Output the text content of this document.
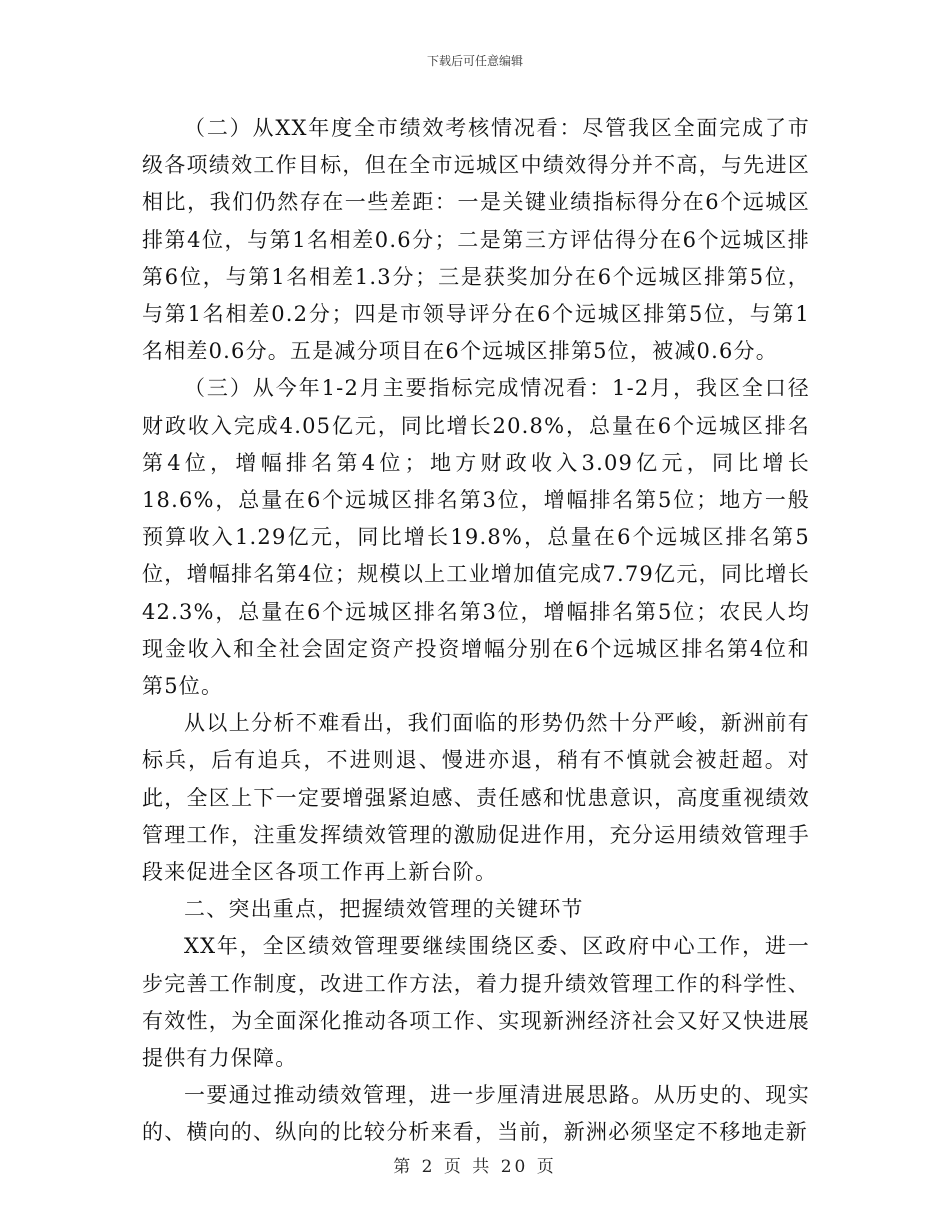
下载后可任意编辑

（二）从XX年度全市绩效考核情况看：尽管我区全面完成了市级各项绩效工作目标，但在全市远城区中绩效得分并不高，与先进区相比，我们仍然存在一些差距：一是关键业绩指标得分在6个远城区排第4位，与第1名相差0.6分；二是第三方评估得分在6个远城区排第6位，与第1名相差1.3分；三是获奖加分在6个远城区排第5位，与第1名相差0.2分；四是市领导评分在6个远城区排第5位，与第1名相差0.6分。五是减分项目在6个远城区排第5位，被减0.6分。

（三）从今年1-2月主要指标完成情况看：1-2月，我区全口径财政收入完成4.05亿元，同比增长20.8%，总量在6个远城区排名第4位，增幅排名第4位；地方财政收入3.09亿元，同比增长18.6%，总量在6个远城区排名第3位，增幅排名第5位；地方一般预算收入1.29亿元，同比增长19.8%，总量在6个远城区排名第5位，增幅排名第4位；规模以上工业增加值完成7.79亿元，同比增长42.3%，总量在6个远城区排名第3位，增幅排名第5位；农民人均现金收入和全社会固定资产投资增幅分别在6个远城区排名第4位和第5位。

从以上分析不难看出，我们面临的形势仍然十分严峻，新洲前有标兵，后有追兵，不进则退、慢进亦退，稍有不慎就会被赶超。对此，全区上下一定要增强紧迫感、责任感和忧患意识，高度重视绩效管理工作，注重发挥绩效管理的激励促进作用，充分运用绩效管理手段来促进全区各项工作再上新台阶。

二、突出重点，把握绩效管理的关键环节

XX年，全区绩效管理要继续围绕区委、区政府中心工作，进一步完善工作制度，改进工作方法，着力提升绩效管理工作的科学性、有效性，为全面深化推动各项工作、实现新洲经济社会又好又快进展提供有力保障。

一要通过推动绩效管理，进一步厘清进展思路。从历史的、现实的、横向的、纵向的比较分析来看，当前，新洲必须坚定不移地走新

第 2 页 共 20 页
